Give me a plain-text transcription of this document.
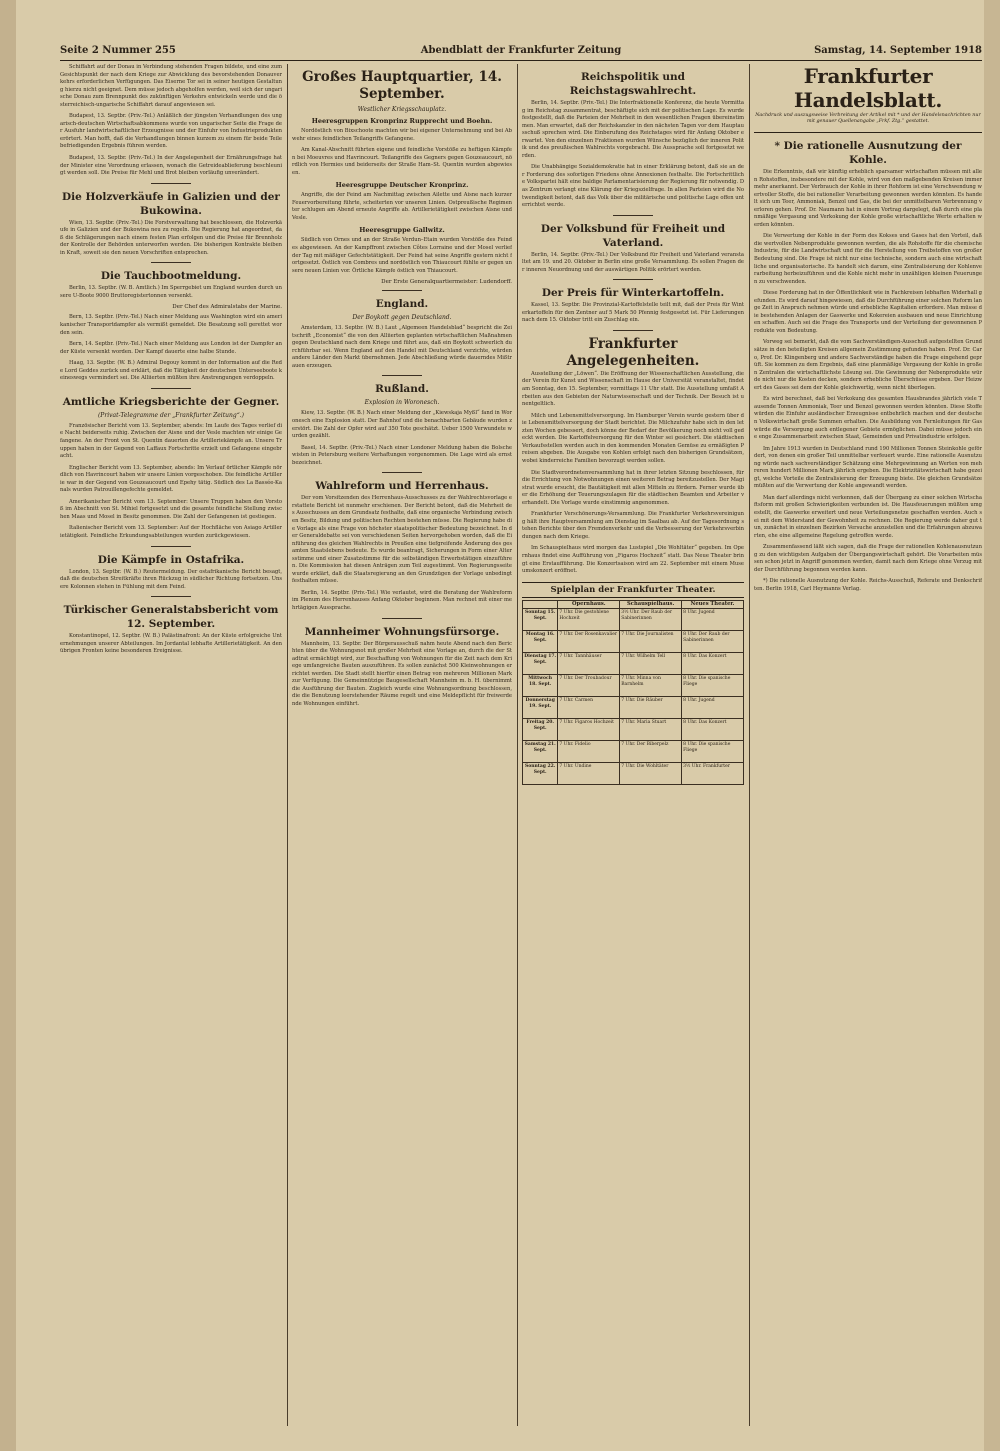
Seite 2 Nummer 255	Abendblatt der Frankfurter Zeitung	Samstag, 14. September 1918
Schiffahrt auf der Donau in Verbindung stehenden Fragen bildete, und eine zum Gesichtspunkt der nach dem Kriege zur Abwicklung des bevorstehenden Donauverkehrs erforderlichen Verfügungen. Das Eiserne Tor sei in seiner heutigen Gestaltung hierzu nicht geeignet. Dem müsse jedoch abgeholfen werden, weil sich der ungarische Donau zum Brennpunkt des zukünftigen Verkehrs entwickeln werde und die österreichisch-ungarische Schiffahrt darauf angewiesen sei.
Budapest, 13. Septbr. (Priv.-Tel.) Anläßlich der jüngsten Verhandlungen des ungarisch-deutschen Wirtschaftsabkommens wurde von ungarischer Seite die Frage der Ausfuhr landwirtschaftlicher Erzeugnisse und der Einfuhr von Industrieprodukten erörtert. Man hofft, daß die Verhandlungen binnen kurzem zu einem für beide Teile befriedigenden Ergebnis führen werden.
Budapest, 13. Septbr. (Priv.-Tel.) In der Angelegenheit der Ernährungsfrage hat der Minister eine Verordnung erlassen, wonach die Getreideablieferung beschleunigt werden soll. Die Preise für Mehl und Brot bleiben vorläufig unverändert.
Die Holzverkäufe in Galizien und der Bukowina.
Wien, 13. Septbr. (Priv.-Tel.) Die Forstverwaltung hat beschlossen, die Holzverkäufe in Galizien und der Bukowina neu zu regeln. Die Regierung hat angeordnet, daß die Schlägerungen nach einem festen Plan erfolgen und die Preise für Brennholz der Kontrolle der Behörden unterworfen werden. Die bisherigen Kontrakte bleiben in Kraft, soweit sie den neuen Vorschriften entsprechen.
Die Tauchbootmeldung.
Berlin, 13. Septbr. (W. B. Amtlich.) Im Sperrgebiet um England wurden durch unsere U-Boote 9000 Bruttoregistertonnen versenkt.
Der Chef des Admiralstabs der Marine.
Bern, 13. Septbr. (Priv.-Tel.) Nach einer Meldung aus Washington wird ein amerikanischer Transportdampfer als vermißt gemeldet. Die Besatzung soll gerettet worden sein.
Bern, 14. Septbr. (Priv.-Tel.) Nach einer Meldung aus London ist der Dampfer an der Küste versenkt worden. Der Kampf dauerte eine halbe Stunde.
Haag, 13. Septbr. (W. B.) Admiral Degouy kommt in der Information auf die Rede Lord Geddes zurück und erklärt, daß die Tätigkeit der deutschen Unterseeboote keineswegs vermindert sei. Die Alliierten müßten ihre Anstrengungen verdoppeln.
Amtliche Kriegsberichte der Gegner.
(Privat-Telegramme der „Frankfurter Zeitung“.)
Französischer Bericht vom 13. September, abends: Im Laufe des Tages verlief die Nacht beiderseits ruhig. Zwischen der Aisne und der Vesle machten wir einige Gefangene. An der Front von St. Quentin dauerten die Artilleriekämpfe an. Unsere Truppen haben in der Gegend von Laffaux Fortschritte erzielt und Gefangene eingebracht.
Englischer Bericht vom 13. September, abends: Im Verlauf örtlicher Kämpfe nördlich von Havrincourt haben wir unsere Linien vorgeschoben. Die feindliche Artillerie war in der Gegend von Gouzeaucourt und Epehy tätig. Südlich des La Bassée-Kanals wurden Patrouillengefechte gemeldet.
Amerikanischer Bericht vom 13. September: Unsere Truppen haben den Vorstoß im Abschnitt von St. Mihiel fortgesetzt und die gesamte feindliche Stellung zwischen Maas und Mosel in Besitz genommen. Die Zahl der Gefangenen ist gestiegen.
Italienischer Bericht vom 13. September: Auf der Hochfläche von Asiago Artillerietätigkeit. Feindliche Erkundungsabteilungen wurden zurückgewiesen.
Die Kämpfe in Ostafrika.
London, 13. Septbr. (W. B.) Reutermeldung. Der ostafrikanische Bericht besagt, daß die deutschen Streitkräfte ihren Rückzug in südlicher Richtung fortsetzen. Unsere Kolonnen stehen in Fühlung mit dem Feind.
Türkischer Generalstabsbericht vom 12. September.
Konstantinopel, 12. Septbr. (W. B.) Palästinafront: An der Küste erfolgreiche Unternehmungen unserer Abteilungen. Im Jordantal lebhafte Artillerietätigkeit. An den übrigen Fronten keine besonderen Ereignisse.
Großes Hauptquartier, 14. September.
Westlicher Kriegsschauplatz.
Heeresgruppen Kronprinz Rupprecht und Boehn.
Nordöstlich von Bixschoote machten wir bei eigener Unternehmung und bei Abwehr eines feindlichen Teilangriffs Gefangene.
Am Kanal-Abschnitt führten eigene und feindliche Vorstöße zu heftigen Kämpfen bei Moeuvres und Havrincourt. Teilangriffe des Gegners gegen Gouzeaucourt, nördlich von Hermies und beiderseits der Straße Ham–St. Quentin wurden abgewiesen.
Heeresgruppe Deutscher Kronprinz.
Angriffe, die der Feind am Nachmittag zwischen Ailette und Aisne nach kurzer Feuervorbereitung führte, scheiterten vor unseren Linien. Ostpreußische Regimenter schlugen am Abend erneute Angriffe ab. Artillerietätigkeit zwischen Aisne und Vesle.
Heeresgruppe Gallwitz.
Südlich von Ornes und an der Straße Verdun–Etain wurden Vorstöße des Feindes abgewiesen. An der Kampffront zwischen Côtes Lorraine und der Mosel verlief der Tag mit mäßiger Gefechtstätigkeit. Der Feind hat seine Angriffe gestern nicht fortgesetzt. Östlich von Combres und nordöstlich von Thiaucourt fühlte er gegen unsere neuen Linien vor. Örtliche Kämpfe östlich von Thiaucourt.
Der Erste Generalquartiermeister: Ludendorff.
England.
Der Boykott gegen Deutschland.
Amsterdam, 13. Septbr. (W. B.) Laut „Algemeen Handelsblad“ bespricht die Zeitschrift „Economist“ die von den Alliierten geplanten wirtschaftlichen Maßnahmen gegen Deutschland nach dem Kriege und führt aus, daß ein Boykott schwerlich durchführbar sei. Wenn England auf den Handel mit Deutschland verzichte, würden andere Länder den Markt übernehmen. Jede Abschließung würde dauerndes Mißtrauen erzeugen.
Rußland.
Explosion in Woronesch.
Kiew, 13. Septbr. (W. B.) Nach einer Meldung der „Kiewskaja Myßl“ fand in Woronesch eine Explosion statt. Der Bahnhof und die benachbarten Gebäude wurden zerstört. Die Zahl der Opfer wird auf 350 Tote geschätzt. Ueber 1500 Verwundete wurden gezählt.
Basel, 14. Septbr. (Priv.-Tel.) Nach einer Londoner Meldung haben die Bolschewisten in Petersburg weitere Verhaftungen vorgenommen. Die Lage wird als ernst bezeichnet.
Wahlreform und Herrenhaus.
Der vom Vorsitzenden des Herrenhaus-Ausschusses zu der Wahlrechtsvorlage erstattete Bericht ist nunmehr erschienen. Der Bericht betont, daß die Mehrheit des Ausschusses an dem Grundsatz festhalte, daß eine organische Verbindung zwischen Besitz, Bildung und politischen Rechten bestehen müsse. Die Regierung habe die Vorlage als eine Frage von höchster staatspolitischer Bedeutung bezeichnet. In der Generaldebatte sei von verschiedenen Seiten hervorgehoben worden, daß die Einführung des gleichen Wahlrechts in Preußen eine tiefgreifende Änderung des gesamten Staatslebens bedeute. Es wurde beantragt, Sicherungen in Form einer Altersstimme und einer Zusatzstimme für die selbständigen Erwerbstätigen einzuführen. Die Kommission hat diesen Anträgen zum Teil zugestimmt. Von Regierungsseite wurde erklärt, daß die Staatsregierung an den Grundzügen der Vorlage unbedingt festhalten müsse.
Berlin, 14. Septbr. (Priv.-Tel.) Wie verlautet, wird die Beratung der Wahlreform im Plenum des Herrenhauses Anfang Oktober beginnen. Man rechnet mit einer mehrtägigen Aussprache.
Mannheimer Wohnungsfürsorge.
Mannheim, 13. Septbr. Der Bürgerausschuß nahm heute Abend nach den Berichten über die Wohnungsnot mit großer Mehrheit eine Vorlage an, durch die der Stadtrat ermächtigt wird, zur Beschaffung von Wohnungen für die Zeit nach dem Kriege umfangreiche Bauten auszuführen. Es sollen zunächst 500 Kleinwohnungen errichtet werden. Die Stadt stellt hierfür einen Betrag von mehreren Millionen Mark zur Verfügung. Die Gemeinnützige Baugesellschaft Mannheim m. b. H. übernimmt die Ausführung der Bauten. Zugleich wurde eine Wohnungsordnung beschlossen, die die Benutzung leerstehender Räume regelt und eine Meldepflicht für freiwerdende Wohnungen einführt.
Reichspolitik und Reichstagswahlrecht.
Berlin, 14. Septbr. (Priv.-Tel.) Die Interfraktionelle Konferenz, die heute Vormittag im Reichstag zusammentrat, beschäftigte sich mit der politischen Lage. Es wurde festgestellt, daß die Parteien der Mehrheit in den wesentlichen Fragen übereinstimmen. Man erwartet, daß der Reichskanzler in den nächsten Tagen vor dem Hauptausschuß sprechen wird. Die Einberufung des Reichstages wird für Anfang Oktober erwartet. Von den einzelnen Fraktionen wurden Wünsche bezüglich der inneren Politik und des preußischen Wahlrechts vorgebracht. Die Aussprache soll fortgesetzt werden.
Die Unabhängige Sozialdemokratie hat in einer Erklärung betont, daß sie an der Forderung des sofortigen Friedens ohne Annexionen festhalte. Die Fortschrittliche Volkspartei hält eine baldige Parlamentarisierung der Regierung für notwendig. Das Zentrum verlangt eine Klärung der Kriegszielfrage. In allen Parteien wird die Notwendigkeit betont, daß das Volk über die militärische und politische Lage offen unterrichtet werde.
Der Volksbund für Freiheit und Vaterland.
Berlin, 14. Septbr. (Priv.-Tel.) Der Volksbund für Freiheit und Vaterland veranstaltet am 19. und 20. Oktober in Berlin eine große Versammlung. Es sollen Fragen der inneren Neuordnung und der auswärtigen Politik erörtert werden.
Der Preis für Winterkartoffeln.
Kassel, 13. Septbr. Die Provinzial-Kartoffelstelle teilt mit, daß der Preis für Winterkartoffeln für den Zentner auf 5 Mark 50 Pfennig festgesetzt ist. Für Lieferungen nach dem 15. Oktober tritt ein Zuschlag ein.
Frankfurter Angelegenheiten.
Ausstellung der „Löwen“. Die Eröffnung der Wissenschaftlichen Ausstellung, die der Verein für Kunst und Wissenschaft im Hause der Universität veranstaltet, findet am Sonntag, den 15. September, vormittags 11 Uhr statt. Die Ausstellung umfaßt Arbeiten aus den Gebieten der Naturwissenschaft und der Technik. Der Besuch ist unentgeltlich.
Milch und Lebensmittelversorgung. Im Hamburger Verein wurde gestern über die Lebensmittelversorgung der Stadt berichtet. Die Milchzufuhr habe sich in den letzten Wochen gebessert, doch könne der Bedarf der Bevölkerung noch nicht voll gedeckt werden. Die Kartoffelversorgung für den Winter sei gesichert. Die städtischen Verkaufsstellen werden auch in den kommenden Monaten Gemüse zu ermäßigten Preisen abgeben. Die Ausgabe von Kohlen erfolgt nach den bisherigen Grundsätzen, wobei kinderreiche Familien bevorzugt werden sollen.
Die Stadtverordnetenversammlung hat in ihrer letzten Sitzung beschlossen, für die Errichtung von Notwohnungen einen weiteren Betrag bereitzustellen. Der Magistrat wurde ersucht, die Bautätigkeit mit allen Mitteln zu fördern. Ferner wurde über die Erhöhung der Teuerungszulagen für die städtischen Beamten und Arbeiter verhandelt. Die Vorlage wurde einstimmig angenommen.
Frankfurter Verschönerungs-Versammlung. Die Frankfurter Verkehrsvereinigung hält ihre Hauptversammlung am Dienstag im Saalbau ab. Auf der Tagesordnung stehen Berichte über den Fremdenverkehr und die Verbesserung der Verkehrsverbindungen nach dem Kriege.
Im Schauspielhaus wird morgen das Lustspiel „Die Wohltäter“ gegeben. Im Opernhaus findet eine Aufführung von „Figaros Hochzeit“ statt. Das Neue Theater bringt eine Erstaufführung. Die Konzertsaison wird am 22. September mit einem Museumskonzert eröffnet.
Spielplan der Frankfurter Theater.
	Opernhaus.	Schauspielhaus.	Neues Theater.
Sonntag 15. Sept.	7 Uhr. Die gestohlene Hochzeit	3½ Uhr. Der Raub der Sabinerinnen	8 Uhr. Jugend
Montag 16. Sept.	7 Uhr. Der Rosenkavalier	7 Uhr. Die Journalisten	8 Uhr. Der Raub der Sabinerinnen
Dienstag 17. Sept.	7 Uhr. Tannhäuser	7 Uhr. Wilhelm Tell	8 Uhr. Das Konzert
Mittwoch 18. Sept.	7 Uhr. Der Troubadour	7 Uhr. Minna von Barnhelm	8 Uhr. Die spanische Fliege
Donnerstag 19. Sept.	7 Uhr. Carmen	7 Uhr. Die Räuber	8 Uhr. Jugend
Freitag 20. Sept.	7 Uhr. Figaros Hochzeit	7 Uhr. Maria Stuart	8 Uhr. Das Konzert
Samstag 21. Sept.	7 Uhr. Fidelio	7 Uhr. Der Biberpelz	8 Uhr. Die spanische Fliege
Sonntag 22. Sept.	7 Uhr. Undine	7 Uhr. Die Wohltäter	3½ Uhr. Frankfurter
Frankfurter Handelsblatt.
Nachdruck und auszugsweise Verbreitung der Artikel mit * und der Handelsnachrichten nur mit genauer Quellenangabe „Frkf. Ztg.“ gestattet.
* Die rationelle Ausnutzung der Kohle.
Die Erkenntnis, daß wir künftig erheblich sparsamer wirtschaften müssen mit allen Rohstoffen, insbesondere mit der Kohle, wird von den maßgebenden Kreisen immer mehr anerkannt. Der Verbrauch der Kohle in ihrer Rohform ist eine Verschwendung wertvoller Stoffe, die bei rationeller Verarbeitung gewonnen werden könnten. Es handelt sich um Teer, Ammoniak, Benzol und Gas, die bei der unmittelbaren Verbrennung verloren gehen. Prof. Dr. Naumann hat in einem Vortrag dargelegt, daß durch eine planmäßige Vergasung und Verkokung der Kohle große wirtschaftliche Werte erhalten werden könnten.
Die Verwertung der Kohle in der Form des Kokses und Gases hat den Vorteil, daß die wertvollen Nebenprodukte gewonnen werden, die als Rohstoffe für die chemische Industrie, für die Landwirtschaft und für die Herstellung von Treibstoffen von großer Bedeutung sind. Die Frage ist nicht nur eine technische, sondern auch eine wirtschaftliche und organisatorische. Es handelt sich darum, eine Zentralisierung der Kohlenverarbeitung herbeizuführen und die Kohle nicht mehr in unzähligen kleinen Feuerungen zu verschwenden.
Diese Forderung hat in der Öffentlichkeit wie in Fachkreisen lebhaften Widerhall gefunden. Es wird darauf hingewiesen, daß die Durchführung einer solchen Reform lange Zeit in Anspruch nehmen würde und erhebliche Kapitalien erfordere. Man müsse die bestehenden Anlagen der Gaswerke und Kokereien ausbauen und neue Einrichtungen schaffen. Auch sei die Frage des Transports und der Verteilung der gewonnenen Produkte von Bedeutung.
Vorweg sei bemerkt, daß die vom Sachverständigen-Ausschuß aufgestellten Grundsätze in den beteiligten Kreisen allgemein Zustimmung gefunden haben. Prof. Dr. Caro, Prof. Dr. Klingenberg und andere Sachverständige haben die Frage eingehend geprüft. Sie kommen zu dem Ergebnis, daß eine planmäßige Vergasung der Kohle in großen Zentralen die wirtschaftlichste Lösung sei. Die Gewinnung der Nebenprodukte würde nicht nur die Kosten decken, sondern erhebliche Überschüsse ergeben. Der Heizwert des Gases sei dem der Kohle gleichwertig, wenn nicht überlegen.
Es wird berechnet, daß bei Verkokung des gesamten Hausbrandes jährlich viele Tausende Tonnen Ammoniak, Teer und Benzol gewonnen werden könnten. Diese Stoffe würden die Einfuhr ausländischer Erzeugnisse entbehrlich machen und der deutschen Volkswirtschaft große Summen erhalten. Die Ausbildung von Fernleitungen für Gas würde die Versorgung auch entlegener Gebiete ermöglichen. Dabei müsse jedoch eine enge Zusammenarbeit zwischen Staat, Gemeinden und Privatindustrie erfolgen.
Im Jahre 1913 wurden in Deutschland rund 190 Millionen Tonnen Steinkohle gefördert, von denen ein großer Teil unmittelbar verfeuert wurde. Eine rationelle Ausnutzung würde nach sachverständiger Schätzung eine Mehrgewinnung an Werten von mehreren hundert Millionen Mark jährlich ergeben. Die Elektrizitätswirtschaft habe gezeigt, welche Vorteile die Zentralisierung der Erzeugung biete. Die gleichen Grundsätze müßten auf die Verwertung der Kohle angewandt werden.
Man darf allerdings nicht verkennen, daß der Übergang zu einer solchen Wirtschaftsform mit großen Schwierigkeiten verbunden ist. Die Hausfeuerungen müßten umgestellt, die Gaswerke erweitert und neue Verteilungsnetze geschaffen werden. Auch sei mit dem Widerstand der Gewohnheit zu rechnen. Die Regierung werde daher gut tun, zunächst in einzelnen Bezirken Versuche anzustellen und die Erfahrungen abzuwarten, ehe eine allgemeine Regelung getroffen werde.
Zusammenfassend läßt sich sagen, daß die Frage der rationellen Kohlenausnutzung zu den wichtigsten Aufgaben der Übergangswirtschaft gehört. Die Vorarbeiten müssen schon jetzt in Angriff genommen werden, damit nach dem Kriege ohne Verzug mit der Durchführung begonnen werden kann.
*) Die rationelle Ausnutzung der Kohle. Reichs-Ausschuß, Referate und Denkschriften. Berlin 1918, Carl Heymanns Verlag.
